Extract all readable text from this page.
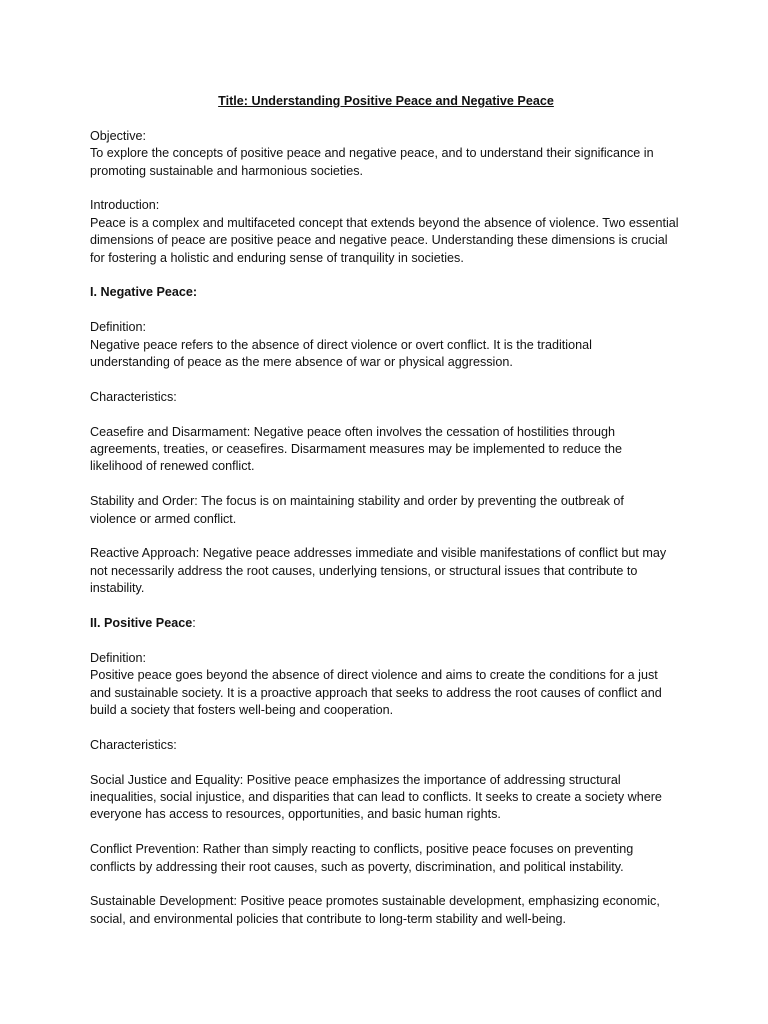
Title: Understanding Positive Peace and Negative Peace
Objective:
To explore the concepts of positive peace and negative peace, and to understand their significance in
promoting sustainable and harmonious societies.
Introduction:
Peace is a complex and multifaceted concept that extends beyond the absence of violence. Two essential
dimensions of peace are positive peace and negative peace. Understanding these dimensions is crucial
for fostering a holistic and enduring sense of tranquility in societies.
I. Negative Peace:
Definition:
Negative peace refers to the absence of direct violence or overt conflict. It is the traditional
understanding of peace as the mere absence of war or physical aggression.
Characteristics:
Ceasefire and Disarmament: Negative peace often involves the cessation of hostilities through
agreements, treaties, or ceasefires. Disarmament measures may be implemented to reduce the
likelihood of renewed conflict.
Stability and Order: The focus is on maintaining stability and order by preventing the outbreak of
violence or armed conflict.
Reactive Approach: Negative peace addresses immediate and visible manifestations of conflict but may
not necessarily address the root causes, underlying tensions, or structural issues that contribute to
instability.
II. Positive Peace:
Definition:
Positive peace goes beyond the absence of direct violence and aims to create the conditions for a just
and sustainable society. It is a proactive approach that seeks to address the root causes of conflict and
build a society that fosters well-being and cooperation.
Characteristics:
Social Justice and Equality: Positive peace emphasizes the importance of addressing structural
inequalities, social injustice, and disparities that can lead to conflicts. It seeks to create a society where
everyone has access to resources, opportunities, and basic human rights.
Conflict Prevention: Rather than simply reacting to conflicts, positive peace focuses on preventing
conflicts by addressing their root causes, such as poverty, discrimination, and political instability.
Sustainable Development: Positive peace promotes sustainable development, emphasizing economic,
social, and environmental policies that contribute to long-term stability and well-being.
